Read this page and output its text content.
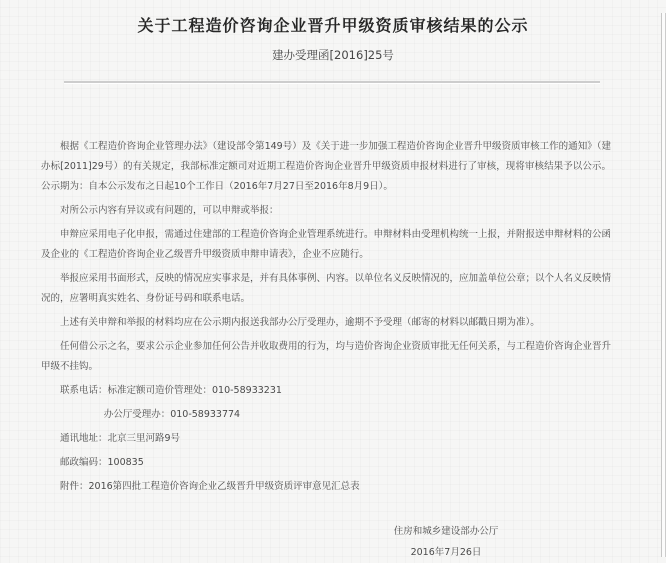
关于工程造价咨询企业晋升甲级资质审核结果的公示
建办受理函[2016]25号

根据《工程造价咨询企业管理办法》（建设部令第149号）及《关于进一步加强工程造价咨询企业晋升甲级资质审核工作的通知》（建办标[2011]29号）的有关规定，我部标准定额司对近期工程造价咨询企业晋升甲级资质申报材料进行了审核，现将审核结果予以公示。公示期为：自本公示发布之日起10个工作日（2016年7月27日至2016年8月9日）。

对所公示内容有异议或有问题的，可以申辩或举报：

申辩应采用电子化申报，需通过住建部的工程造价咨询企业管理系统进行。申辩材料由受理机构统一上报，并附报送申辩材料的公函及企业的《工程造价咨询企业乙级晋升甲级资质申辩申请表》，企业不应随行。

举报应采用书面形式，反映的情况应实事求是，并有具体事例、内容。以单位名义反映情况的，应加盖单位公章；以个人名义反映情况的，应署明真实姓名、身份证号码和联系电话。

上述有关申辩和举报的材料均应在公示期内报送我部办公厅受理办，逾期不予受理（邮寄的材料以邮戳日期为准）。

任何借公示之名，要求公示企业参加任何公告并收取费用的行为，均与造价咨询企业资质审批无任何关系，与工程造价咨询企业晋升甲级不挂钩。

联系电话：标准定额司造价管理处：010-58933231

办公厅受理办：010-58933774

通讯地址：北京三里河路9号

邮政编码：100835

附件：2016第四批工程造价咨询企业乙级晋升甲级资质评审意见汇总表

住房和城乡建设部办公厅
2016年7月26日
